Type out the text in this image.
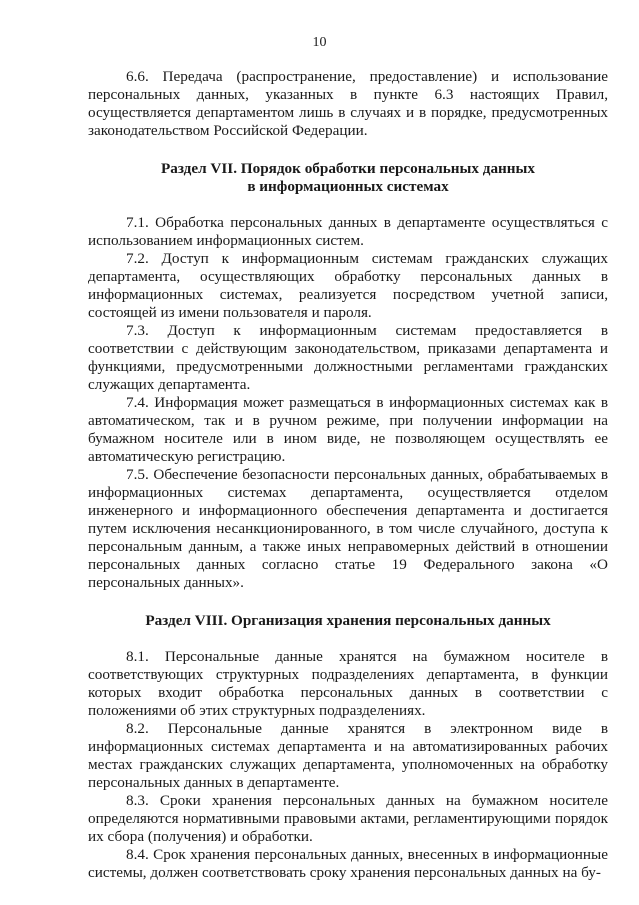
10

6.6. Передача (распространение, предоставление) и использование персональных данных, указанных в пункте 6.3 настоящих Правил, осуществляется департаментом лишь в случаях и в порядке, предусмотренных законодательством Российской Федерации.

Раздел VII. Порядок обработки персональных данных
в информационных системах

7.1. Обработка персональных данных в департаменте осуществляться с использованием информационных систем.

7.2. Доступ к информационным системам гражданских служащих департамента, осуществляющих обработку персональных данных в информационных системах, реализуется посредством учетной записи, состоящей из имени пользователя и пароля.

7.3. Доступ к информационным системам предоставляется в соответствии с действующим законодательством, приказами департамента и функциями, предусмотренными должностными регламентами гражданских служащих департамента.

7.4. Информация может размещаться в информационных системах как в автоматическом, так и в ручном режиме, при получении информации на бумажном носителе или в ином виде, не позволяющем осуществлять ее автоматическую регистрацию.

7.5. Обеспечение безопасности персональных данных, обрабатываемых в информационных системах департамента, осуществляется отделом инженерного и информационного обеспечения департамента и достигается путем исключения несанкционированного, в том числе случайного, доступа к персональным данным, а также иных неправомерных действий в отношении персональных данных согласно статье 19 Федерального закона «О персональных данных».

Раздел VIII. Организация хранения персональных данных

8.1. Персональные данные хранятся на бумажном носителе в соответствующих структурных подразделениях департамента, в функции которых входит обработка персональных данных в соответствии с положениями об этих структурных подразделениях.

8.2. Персональные данные хранятся в электронном виде в информационных системах департамента и на автоматизированных рабочих местах гражданских служащих департамента, уполномоченных на обработку персональных данных в департаменте.

8.3. Сроки хранения персональных данных на бумажном носителе определяются нормативными правовыми актами, регламентирующими порядок их сбора (получения) и обработки.

8.4. Срок хранения персональных данных, внесенных в информационные системы, должен соответствовать сроку хранения персональных данных на бу-
